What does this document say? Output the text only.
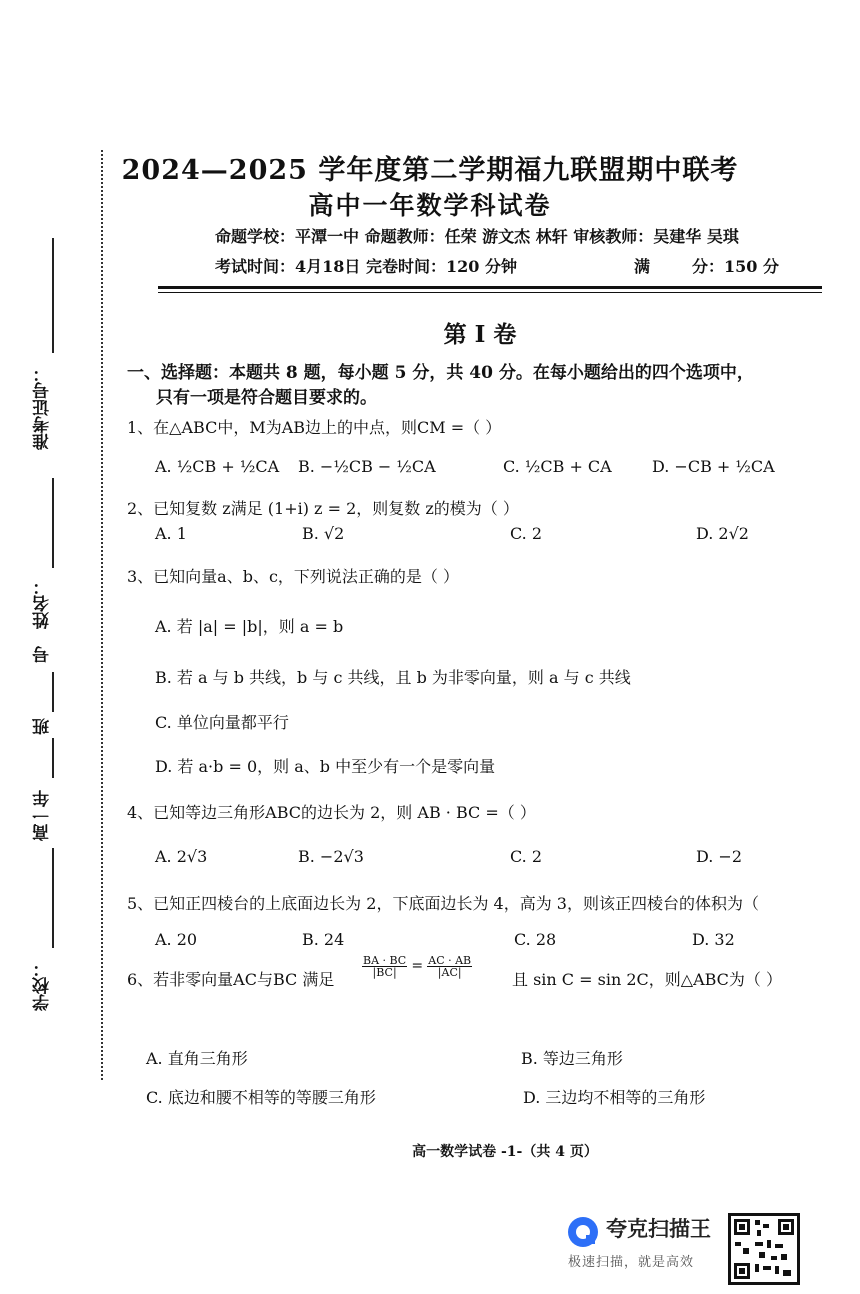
准考证号：
姓名：
号
班
高一年
学校：
2024—2025 学年度第二学期福九联盟期中联考
高中一年数学科试卷
命题学校：平潭一中 命题教师：任荣 游文杰 林轩 审核教师：吴建华 吴琪
考试时间：4月18日 完卷时间：120 分钟	满	分：150 分
第 I 卷
一、选择题：本题共 8 题，每小题 5 分，共 40 分。在每小题给出的四个选项中，
只有一项是符合题目要求的。
1、在△ABC中，M为AB边上的中点，则CM =（ ）
A. ½CB + ½CA B. −½CB − ½CA	C. ½CB + CA	D. −CB + ½CA
2、已知复数 z满足 (1+i) z = 2，则复数 z的模为（ ）
A. 1	B. √2	C. 2	D. 2√2
3、已知向量a、b、c，下列说法正确的是（ ）
A. 若 |a| = |b|，则 a = b
B. 若 a 与 b 共线，b 与 c 共线，且 b 为非零向量，则 a 与 c 共线
C. 单位向量都平行
D. 若 a·b = 0，则 a、b 中至少有一个是零向量
4、已知等边三角形ABC的边长为 2，则 AB · BC =（ ）
A. 2√3	B. −2√3	C. 2	D. −2
5、已知正四棱台的上底面边长为 2，下底面边长为 4，高为 3，则该正四棱台的体积为（
A. 20	B. 24	C. 28	D. 32
6、若非零向量AC与BC 满足
$\frac{BA \cdot BC}{|BC|} = \frac{AC \cdot AB}{|AC|}$
且 sin C = sin 2C，则△ABC为（ ）
A. 直角三角形	B. 等边三角形
C. 底边和腰不相等的等腰三角形	D. 三边均不相等的三角形
高一数学试卷 -1-（共 4 页）
夸克扫描王
极速扫描，就是高效
